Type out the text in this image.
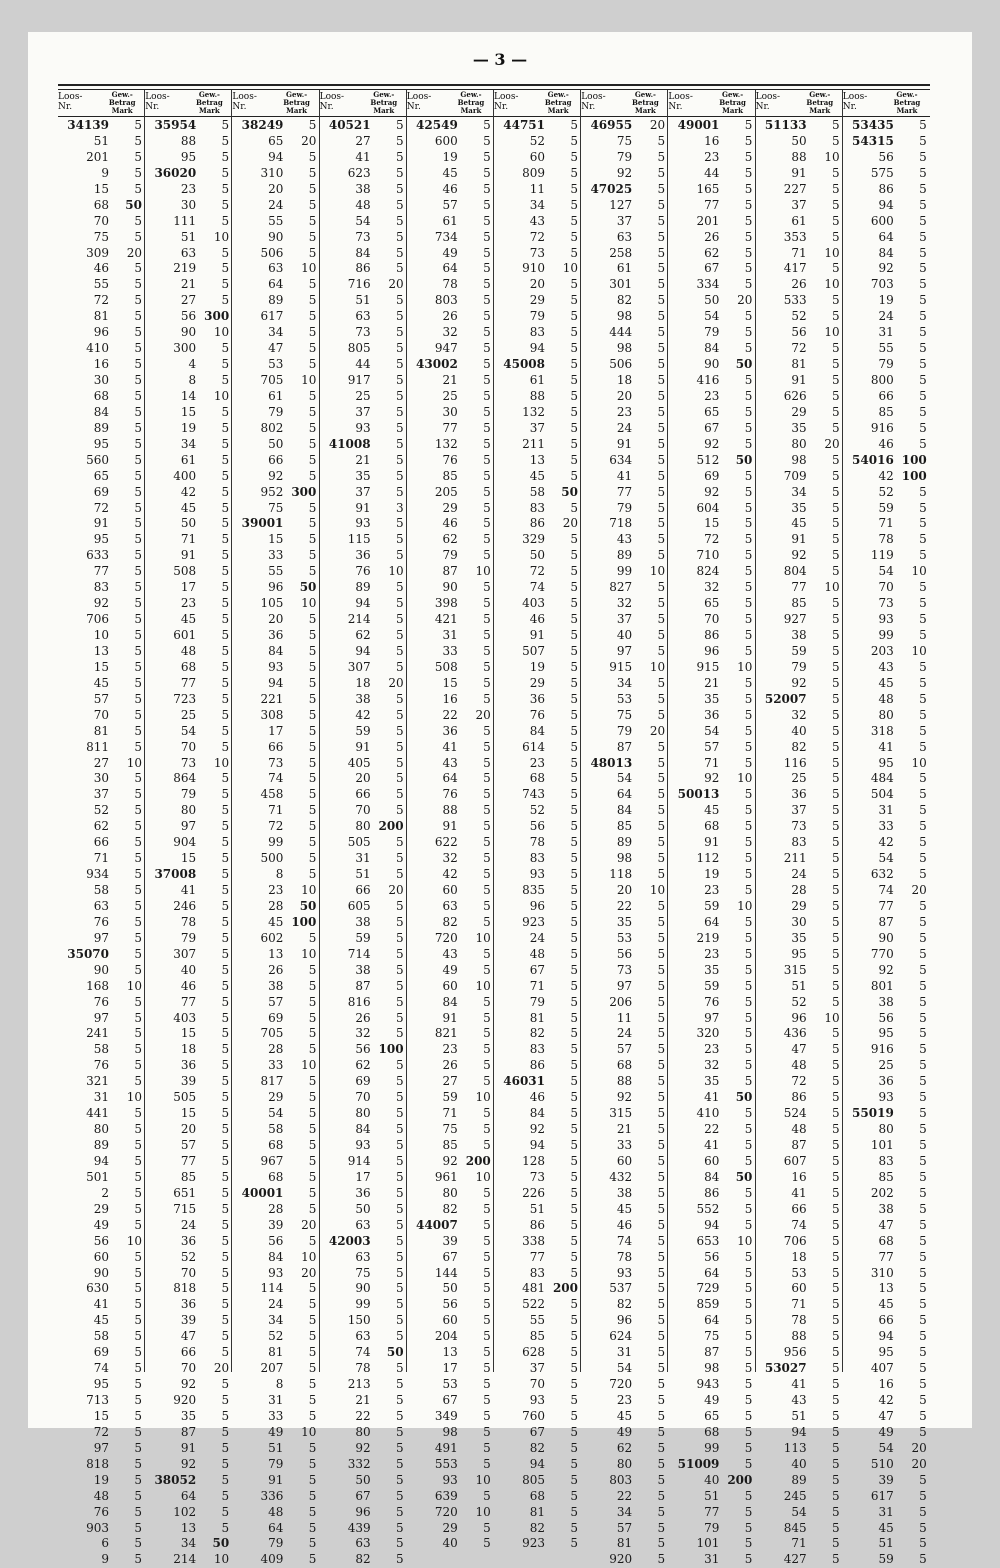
— 3 —
Loos-
Nr.
Gew.-
Betrag
Mark
34139	5
51	5
201	5
9	5
15	5
68	50
70	5
75	5
309	20
46	5
55	5
72	5
81	5
96	5
410	5
16	5
30	5
68	5
84	5
89	5
95	5
560	5
65	5
69	5
72	5
91	5
95	5
633	5
77	5
83	5
92	5
706	5
10	5
13	5
15	5
45	5
57	5
70	5
81	5
811	5
27	10
30	5
37	5
52	5
62	5
66	5
71	5
934	5
58	5
63	5
76	5
97	5
35070	5
90	5
168	10
76	5
97	5
241	5
58	5
76	5
321	5
31	10
441	5
80	5
89	5
94	5
501	5
2	5
29	5
49	5
56	10
60	5
90	5
630	5
41	5
45	5
58	5
69	5
74	5
95	5
713	5
15	5
72	5
97	5
818	5
19	5
48	5
76	5
903	5
6	5
9	5
Loos-
Nr.
Gew.-
Betrag
Mark
35954	5
88	5
95	5
36020	5
23	5
30	5
111	5
51	10
63	5
219	5
21	5
27	5
56 300
90	10
300	5
4	5
8	5
14	10
15	5
19	5
34	5
61	5
400	5
42	5
45	5
50	5
71	5
91	5
508	5
17	5
23	5
45	5
601	5
48	5
68	5
77	5
723	5
25	5
54	5
70	5
73	10
864	5
79	5
80	5
97	5
904	5
15	5
37008	5
41	5
246	5
78	5
79	5
307	5
40	5
46	5
77	5
403	5
15	5
18	5
36	5
39	5
505	5
15	5
20	5
57	5
77	5
85	5
651	5
715	5
24	5
36	5
52	5
70	5
818	5
36	5
39	5
47	5
66	5
70	20
92	5
920	5
35	5
87	5
91	5
92	5
38052	5
64	5
102	5
13	5
34	50
214	10
Loos-
Nr.
Gew.-
Betrag
Mark
38249	5
65	20
94	5
310	5
20	5
24	5
55	5
90	5
506	5
63	10
64	5
89	5
617	5
34	5
47	5
53	5
705	10
61	5
79	5
802	5
50	5
66	5
92	5
952 300
75	5
39001	5
15	5
33	5
55	5
96	50
105	10
20	5
36	5
84	5
93	5
94	5
221	5
308	5
17	5
66	5
73	5
74	5
458	5
71	5
72	5
99	5
500	5
8	5
23	10
28	50
45 100
602	5
13	10
26	5
38	5
57	5
69	5
705	5
28	5
33	10
817	5
29	5
54	5
58	5
68	5
967	5
68	5
40001	5
28	5
39	20
56	5
84	10
93	20
114	5
24	5
34	5
52	5
81	5
207	5
8	5
31	5
33	5
49	10
51	5
79	5
91	5
336	5
48	5
64	5
79	5
409	5
Loos-
Nr.
Gew.-
Betrag
Mark
40521	5
27	5
41	5
623	5
38	5
48	5
54	5
73	5
84	5
86	5
716	20
51	5
63	5
73	5
805	5
44	5
917	5
25	5
37	5
93	5
41008	5
21	5
35	5
37	5
91	3
93	5
115	5
36	5
76	10
89	5
94	5
214	5
62	5
94	5
307	5
18	20
38	5
42	5
59	5
91	5
405	5
20	5
66	5
70	5
80 200
505	5
31	5
51	5
66	20
605	5
38	5
59	5
714	5
38	5
87	5
816	5
26	5
32	5
56 100
62	5
69	5
70	5
80	5
84	5
93	5
914	5
17	5
36	5
50	5
63	5
42003	5
63	5
75	5
90	5
99	5
150	5
63	5
74	50
78	5
213	5
21	5
22	5
80	5
92	5
332	5
50	5
67	5
96	5
439	5
63	5
82	5
Loos-
Nr.
Gew.-
Betrag
Mark
42549	5
600	5
19	5
45	5
46	5
57	5
61	5
734	5
49	5
64	5
78	5
803	5
26	5
32	5
947	5
43002	5
21	5
25	5
30	5
77	5
132	5
76	5
85	5
205	5
29	5
46	5
62	5
79	5
87	10
90	5
398	5
421	5
31	5
33	5
508	5
15	5
16	5
22	20
36	5
41	5
43	5
64	5
76	5
88	5
91	5
622	5
32	5
42	5
60	5
63	5
82	5
720	10
43	5
49	5
60	10
84	5
91	5
821	5
23	5
26	5
27	5
59	10
71	5
75	5
85	5
92 200
961	10
80	5
82	5
44007	5
39	5
67	5
144	5
50	5
56	5
60	5
204	5
13	5
17	5
53	5
67	5
349	5
98	5
491	5
553	5
93	10
639	5
720	10
29	5
40	5
Loos-
Nr.
Gew.-
Betrag
Mark
44751	5
52	5
60	5
809	5
11	5
34	5
43	5
72	5
73	5
910	10
20	5
29	5
79	5
83	5
94	5
45008	5
61	5
88	5
132	5
37	5
211	5
13	5
45	5
58	50
83	5
86	20
329	5
50	5
72	5
74	5
403	5
46	5
91	5
507	5
19	5
29	5
36	5
76	5
84	5
614	5
23	5
68	5
743	5
52	5
56	5
78	5
83	5
93	5
835	5
96	5
923	5
24	5
48	5
67	5
71	5
79	5
81	5
82	5
83	5
86	5
46031	5
46	5
84	5
92	5
94	5
128	5
73	5
226	5
51	5
86	5
338	5
77	5
83	5
481 200
522	5
55	5
85	5
628	5
37	5
70	5
93	5
760	5
67	5
82	5
94	5
805	5
68	5
81	5
82	5
923	5
Loos-
Nr.
Gew.-
Betrag
Mark
46955	20
75	5
79	5
92	5
47025	5
127	5
37	5
63	5
258	5
61	5
301	5
82	5
98	5
444	5
98	5
506	5
18	5
20	5
23	5
24	5
91	5
634	5
41	5
77	5
79	5
718	5
43	5
89	5
99	10
827	5
32	5
37	5
40	5
97	5
915	10
34	5
53	5
75	5
79	20
87	5
48013	5
54	5
64	5
84	5
85	5
89	5
98	5
118	5
20	10
22	5
35	5
53	5
56	5
73	5
97	5
206	5
11	5
24	5
57	5
68	5
88	5
92	5
315	5
21	5
33	5
60	5
432	5
38	5
45	5
46	5
74	5
78	5
93	5
537	5
82	5
96	5
624	5
31	5
54	5
720	5
23	5
45	5
49	5
62	5
80	5
803	5
22	5
34	5
57	5
81	5
920	5
Loos-
Nr.
Gew.-
Betrag
Mark
49001	5
16	5
23	5
44	5
165	5
77	5
201	5
26	5
62	5
67	5
334	5
50	20
54	5
79	5
84	5
90	50
416	5
23	5
65	5
67	5
92	5
512	50
69	5
92	5
604	5
15	5
72	5
710	5
824	5
32	5
65	5
70	5
86	5
96	5
915	10
21	5
35	5
36	5
54	5
57	5
71	5
92	10
50013	5
45	5
68	5
91	5
112	5
19	5
23	5
59	10
64	5
219	5
23	5
35	5
59	5
76	5
97	5
320	5
23	5
32	5
35	5
41	50
410	5
22	5
41	5
60	5
84	50
86	5
552	5
94	5
653	10
56	5
64	5
729	5
859	5
64	5
75	5
87	5
98	5
943	5
49	5
65	5
68	5
99	5
51009	5
40 200
51	5
77	5
79	5
101	5
31	5
Loos-
Nr.
Gew.-
Betrag
Mark
51133	5
50	5
88	10
91	5
227	5
37	5
61	5
353	5
71	10
417	5
26	10
533	5
52	5
56	10
72	5
81	5
91	5
626	5
29	5
35	5
80	20
98	5
709	5
34	5
35	5
45	5
91	5
92	5
804	5
77	10
85	5
927	5
38	5
59	5
79	5
92	5
52007	5
32	5
40	5
82	5
116	5
25	5
36	5
37	5
73	5
83	5
211	5
24	5
28	5
29	5
30	5
35	5
95	5
315	5
51	5
52	5
96	10
436	5
47	5
48	5
72	5
86	5
524	5
48	5
87	5
607	5
16	5
41	5
66	5
74	5
706	5
18	5
53	5
60	5
71	5
78	5
88	5
956	5
53027	5
41	5
43	5
51	5
94	5
113	5
40	5
89	5
245	5
54	5
845	5
71	5
427	5
Loos-
Nr.
Gew.-
Betrag
Mark
53435	5
54315	5
56	5
575	5
86	5
94	5
600	5
64	5
84	5
92	5
703	5
19	5
24	5
31	5
55	5
79	5
800	5
66	5
85	5
916	5
46	5
54016 100
42 100
52	5
59	5
71	5
78	5
119	5
54	10
70	5
73	5
93	5
99	5
203	10
43	5
45	5
48	5
80	5
318	5
41	5
95	10
484	5
504	5
31	5
33	5
42	5
54	5
632	5
74	20
77	5
87	5
90	5
770	5
92	5
801	5
38	5
56	5
95	5
916	5
25	5
36	5
93	5
55019	5
80	5
101	5
83	5
85	5
202	5
38	5
47	5
68	5
77	5
310	5
13	5
45	5
66	5
94	5
95	5
407	5
16	5
42	5
47	5
49	5
54	20
510	20
39	5
617	5
31	5
45	5
51	5
59	5
